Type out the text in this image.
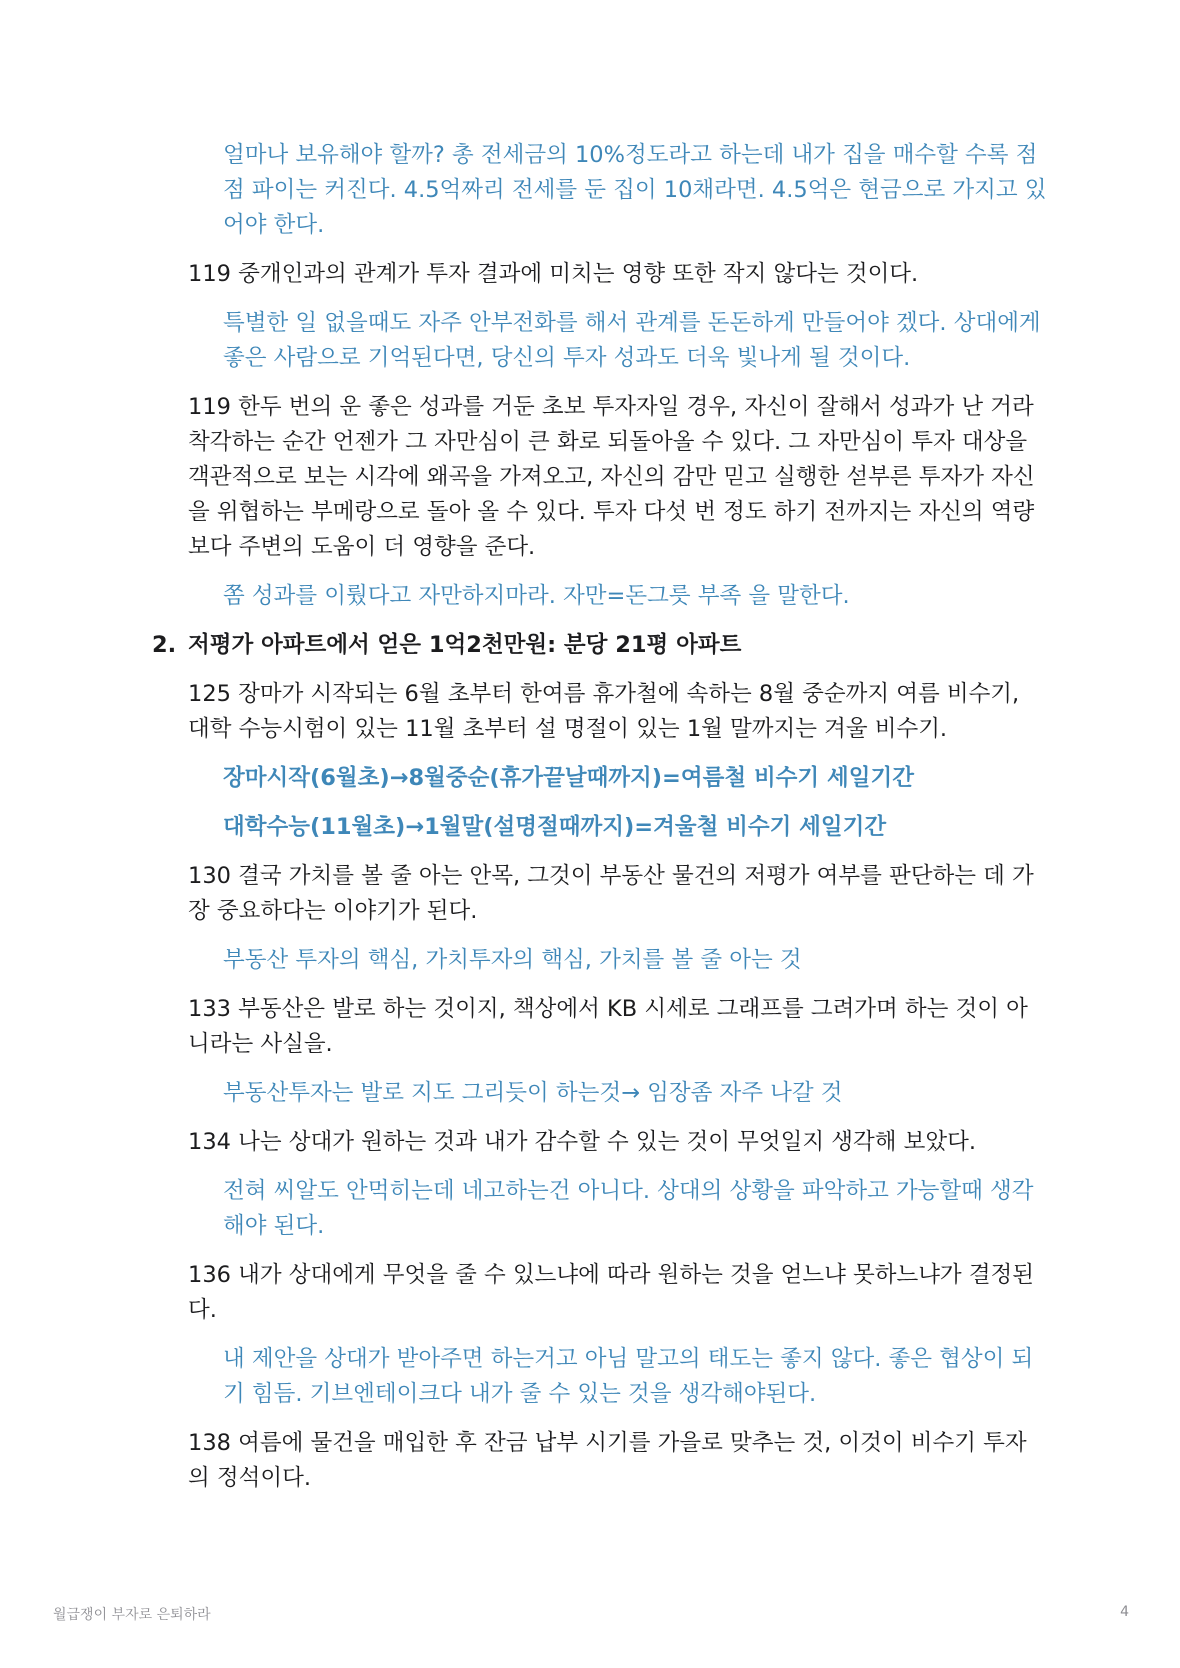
얼마나 보유해야 할까? 총 전세금의 10%정도라고 하는데 내가 집을 매수할 수록 점점 파이는 커진다. 4.5억짜리 전세를 둔 집이 10채라면. 4.5억은 현금으로 가지고 있어야 한다.
119 중개인과의 관계가 투자 결과에 미치는 영향 또한 작지 않다는 것이다.
특별한 일 없을때도 자주 안부전화를 해서 관계를 돈돈하게 만들어야 겠다. 상대에게 좋은 사람으로 기억된다면, 당신의 투자 성과도 더욱 빛나게 될 것이다.
119 한두 번의 운 좋은 성과를 거둔 초보 투자자일 경우, 자신이 잘해서 성과가 난 거라 착각하는 순간 언젠가 그 자만심이 큰 화로 되돌아올 수 있다. 그 자만심이 투자 대상을 객관적으로 보는 시각에 왜곡을 가져오고, 자신의 감만 믿고 실행한 섣부른 투자가 자신을 위협하는 부메랑으로 돌아 올 수 있다. 투자 다섯 번 정도 하기 전까지는 자신의 역량보다 주변의 도움이 더 영향을 준다.
쫌 성과를 이뤘다고 자만하지마라. 자만=돈그릇 부족 을 말한다.
2. 저평가 아파트에서 얻은 1억2천만원: 분당 21평 아파트
125 장마가 시작되는 6월 초부터 한여름 휴가철에 속하는 8월 중순까지 여름 비수기, 대학 수능시험이 있는 11월 초부터 설 명절이 있는 1월 말까지는 겨울 비수기.
장마시작(6월초)→8월중순(휴가끝날때까지)=여름철 비수기 세일기간
대학수능(11월초)→1월말(설명절때까지)=겨울철 비수기 세일기간
130 결국 가치를 볼 줄 아는 안목, 그것이 부동산 물건의 저평가 여부를 판단하는 데 가장 중요하다는 이야기가 된다.
부동산 투자의 핵심, 가치투자의 핵심, 가치를 볼 줄 아는 것
133 부동산은 발로 하는 것이지, 책상에서 KB 시세로 그래프를 그려가며 하는 것이 아니라는 사실을.
부동산투자는 발로 지도 그리듯이 하는것→ 임장좀 자주 나갈 것
134 나는 상대가 원하는 것과 내가 감수할 수 있는 것이 무엇일지 생각해 보았다.
전혀 씨알도 안먹히는데 네고하는건 아니다. 상대의 상황을 파악하고 가능할때 생각해야 된다.
136 내가 상대에게 무엇을 줄 수 있느냐에 따라 원하는 것을 얻느냐 못하느냐가 결정된다.
내 제안을 상대가 받아주면 하는거고 아님 말고의 태도는 좋지 않다. 좋은 협상이 되기 힘듬. 기브엔테이크다 내가 줄 수 있는 것을 생각해야된다.
138 여름에 물건을 매입한 후 잔금 납부 시기를 가을로 맞추는 것, 이것이 비수기 투자의 정석이다.
월급쟁이 부자로 은퇴하라	4
